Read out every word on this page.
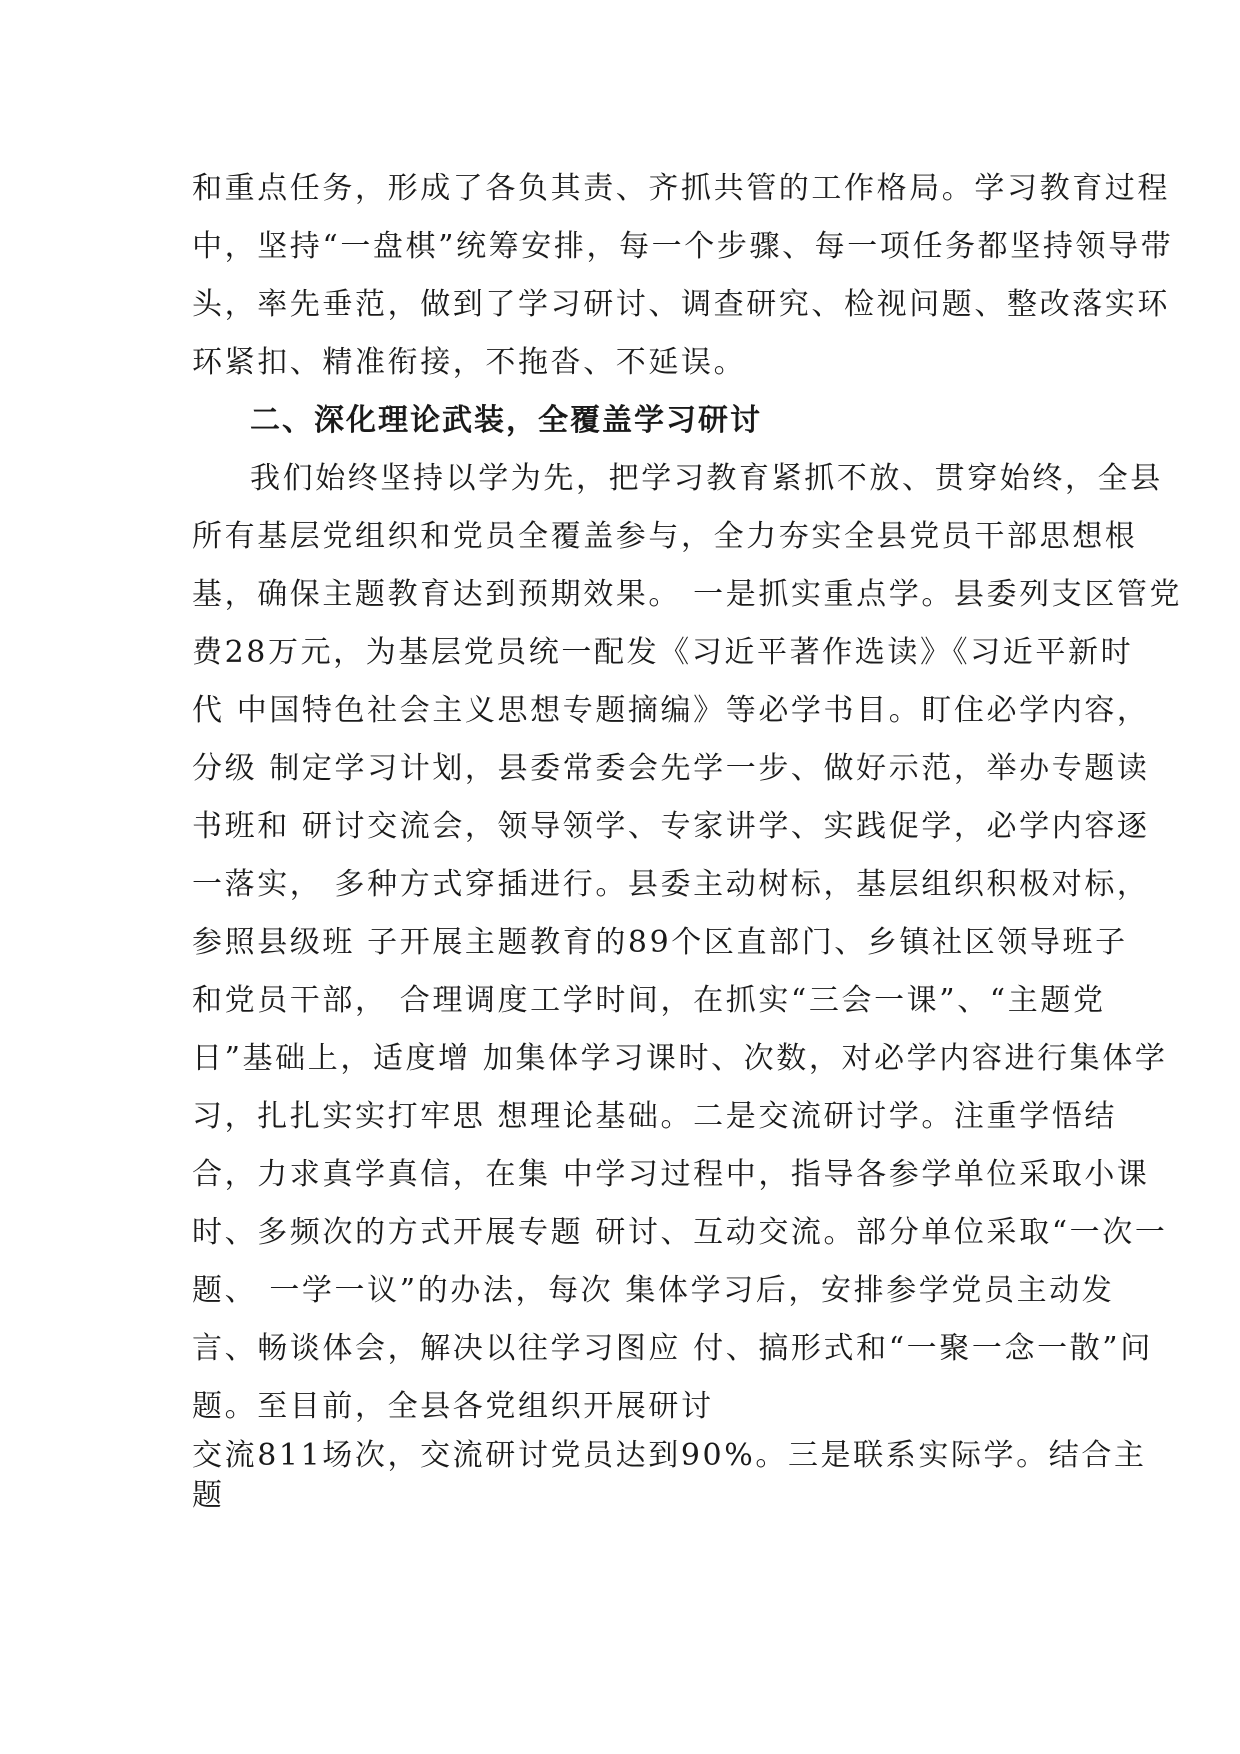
和重点任务，形成了各负其责、齐抓共管的工作格局。学习教育过程
中，坚持“一盘棋”统筹安排，每一个步骤、每一项任务都坚持领导带
头，率先垂范，做到了学习研讨、调查研究、检视问题、整改落实环
环紧扣、精准衔接，不拖沓、不延误。
二、深化理论武装，全覆盖学习研讨
我们始终坚持以学为先，把学习教育紧抓不放、贯穿始终，全县
所有基层党组织和党员全覆盖参与，全力夯实全县党员干部思想根
基，确保主题教育达到预期效果。 一是抓实重点学。县委列支区管党
费28万元，为基层党员统一配发《习近平著作选读》《习近平新时
代 中国特色社会主义思想专题摘编》等必学书目。盯住必学内容，
分级 制定学习计划，县委常委会先学一步、做好示范，举办专题读
书班和 研讨交流会，领导领学、专家讲学、实践促学，必学内容逐
一落实， 多种方式穿插进行。县委主动树标，基层组织积极对标，
参照县级班 子开展主题教育的89个区直部门、乡镇社区领导班子
和党员干部， 合理调度工学时间，在抓实“三会一课”、“主题党
日”基础上，适度增 加集体学习课时、次数，对必学内容进行集体学
习，扎扎实实打牢思 想理论基础。二是交流研讨学。注重学悟结
合，力求真学真信，在集 中学习过程中，指导各参学单位采取小课
时、多频次的方式开展专题 研讨、互动交流。部分单位采取“一次一
题、 一学一议”的办法，每次 集体学习后，安排参学党员主动发
言、畅谈体会，解决以往学习图应 付、搞形式和“一聚一念一散”问
题。至目前，全县各党组织开展研讨
交流811场次，交流研讨党员达到90%。三是联系实际学。结合主
题
